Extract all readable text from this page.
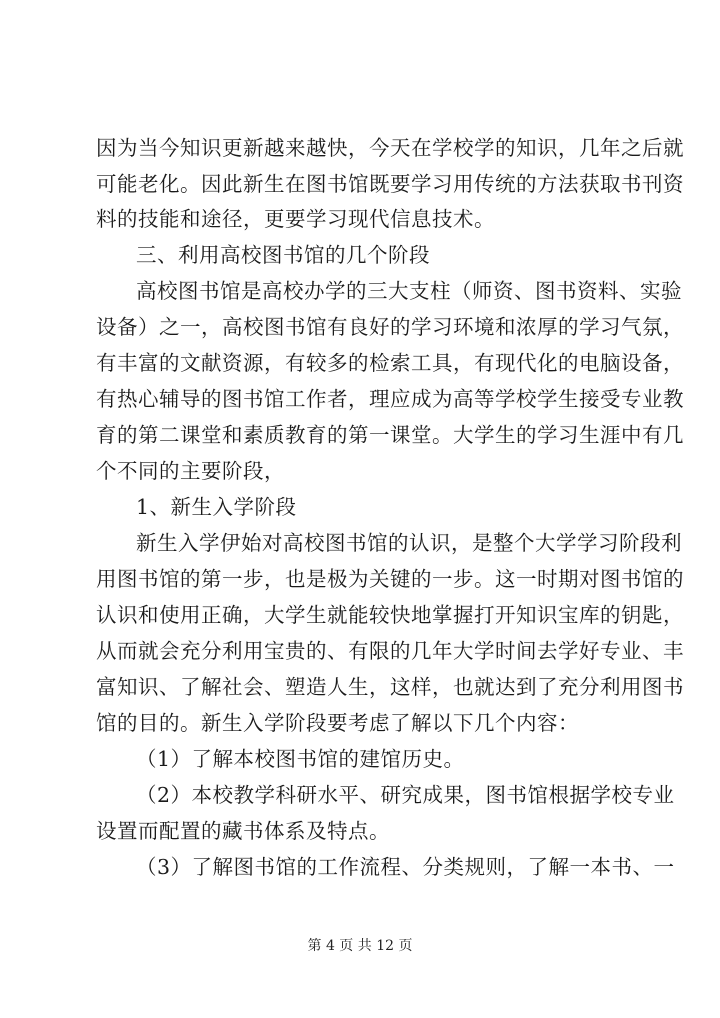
因为当今知识更新越来越快，今天在学校学的知识，几年之后就
可能老化。因此新生在图书馆既要学习用传统的方法获取书刊资
料的技能和途径，更要学习现代信息技术。
三、利用高校图书馆的几个阶段
高校图书馆是高校办学的三大支柱（师资、图书资料、实验
设备）之一，高校图书馆有良好的学习环境和浓厚的学习气氛，
有丰富的文献资源，有较多的检索工具，有现代化的电脑设备，
有热心辅导的图书馆工作者，理应成为高等学校学生接受专业教
育的第二课堂和素质教育的第一课堂。大学生的学习生涯中有几
个不同的主要阶段，
1、新生入学阶段
新生入学伊始对高校图书馆的认识，是整个大学学习阶段利
用图书馆的第一步，也是极为关键的一步。这一时期对图书馆的
认识和使用正确，大学生就能较快地掌握打开知识宝库的钥匙，
从而就会充分利用宝贵的、有限的几年大学时间去学好专业、丰
富知识、了解社会、塑造人生，这样，也就达到了充分利用图书
馆的目的。新生入学阶段要考虑了解以下几个内容：
（1）了解本校图书馆的建馆历史。
（2）本校教学科研水平、研究成果，图书馆根据学校专业
设置而配置的藏书体系及特点。
（3）了解图书馆的工作流程、分类规则，了解一本书、一
第 4 页 共 12 页
